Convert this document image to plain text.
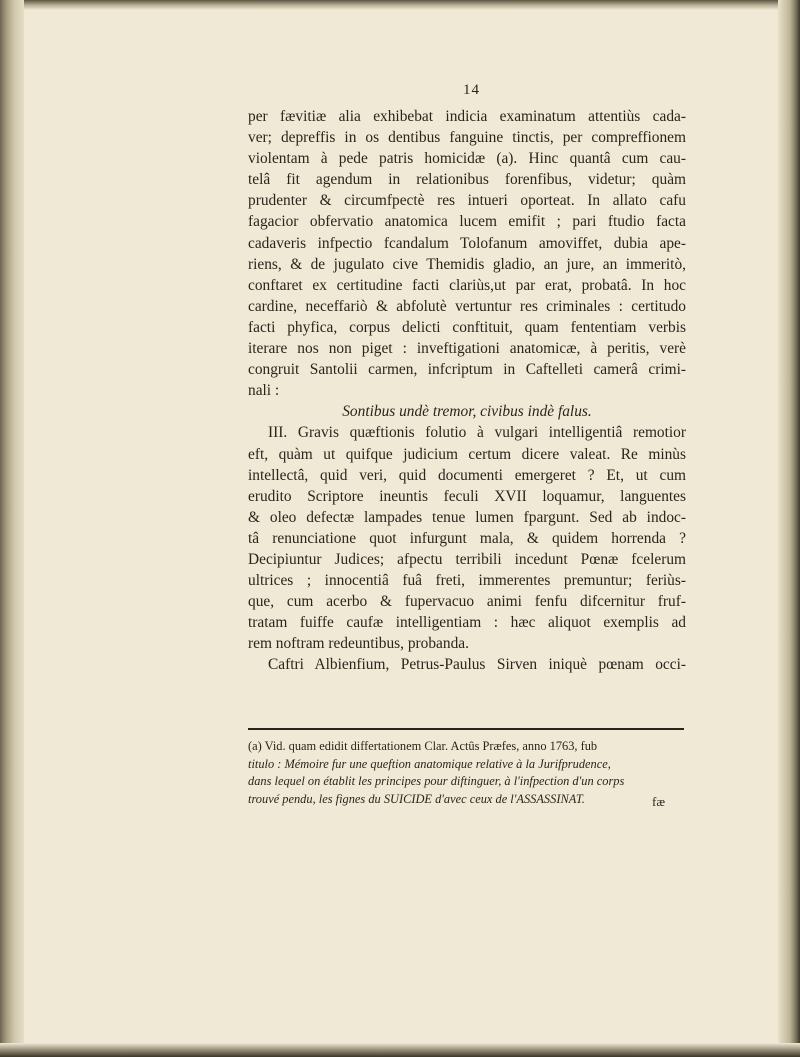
14
per fævitiæ alia exhibebat indicia examinatum attentiùs cada-
ver; depreffis in os dentibus fanguine tinctis, per compreffionem
violentam à pede patris homicidæ (a). Hinc quantâ cum cau-
telâ fit agendum in relationibus forenfibus, videtur; quàm
prudenter & circumfpectè res intueri oporteat. In allato cafu
fagacior obfervatio anatomica lucem emifit ; pari ftudio facta
cadaveris infpectio fcandalum Tolofanum amoviffet, dubia ape-
riens, & de jugulato cive Themidis gladio, an jure, an immeritò,
conftaret ex certitudine facti clariùs,ut par erat, probatâ. In hoc
cardine, neceffariò & abfolutè vertuntur res criminales : certitudo
facti phyfica, corpus delicti conftituit, quam fententiam verbis
iterare nos non piget : inveftigationi anatomicæ, à peritis, verè
congruit Santolii carmen, infcriptum in Caftelleti camerâ crimi-
nali :
Sontibus undè tremor, civibus indè falus.
III. Gravis quæftionis folutio à vulgari intelligentiâ remotior
eft, quàm ut quifque judicium certum dicere valeat. Re minùs
intellectâ, quid veri, quid documenti emergeret ? Et, ut cum
erudito Scriptore ineuntis feculi XVII loquamur, languentes
& oleo defectæ lampades tenue lumen fpargunt. Sed ab indoc-
tâ renunciatione quot infurgunt mala, & quidem horrenda ?
Decipiuntur Judices; afpectu terribili incedunt Pœnæ fcelerum
ultrices ; innocentiâ fuâ freti, immerentes premuntur; feriùs-
que, cum acerbo & fupervacuo animi fenfu difcernitur fruf-
tratam fuiffe caufæ intelligentiam : hæc aliquot exemplis ad
rem noftram redeuntibus, probanda.
Caftri Albienfium, Petrus-Paulus Sirven iniquè pœnam occi-
(a) Vid. quam edidit differtationem Clar. Actûs Præfes, anno 1763, fub
titulo : Mémoire fur une queftion anatomique relative à la Jurifprudence,
dans lequel on établit les principes pour diftinguer, à l'infpection d'un corps
trouvé pendu, les fignes du SUICIDE d'avec ceux de l'ASSASSINAT.	fæ
